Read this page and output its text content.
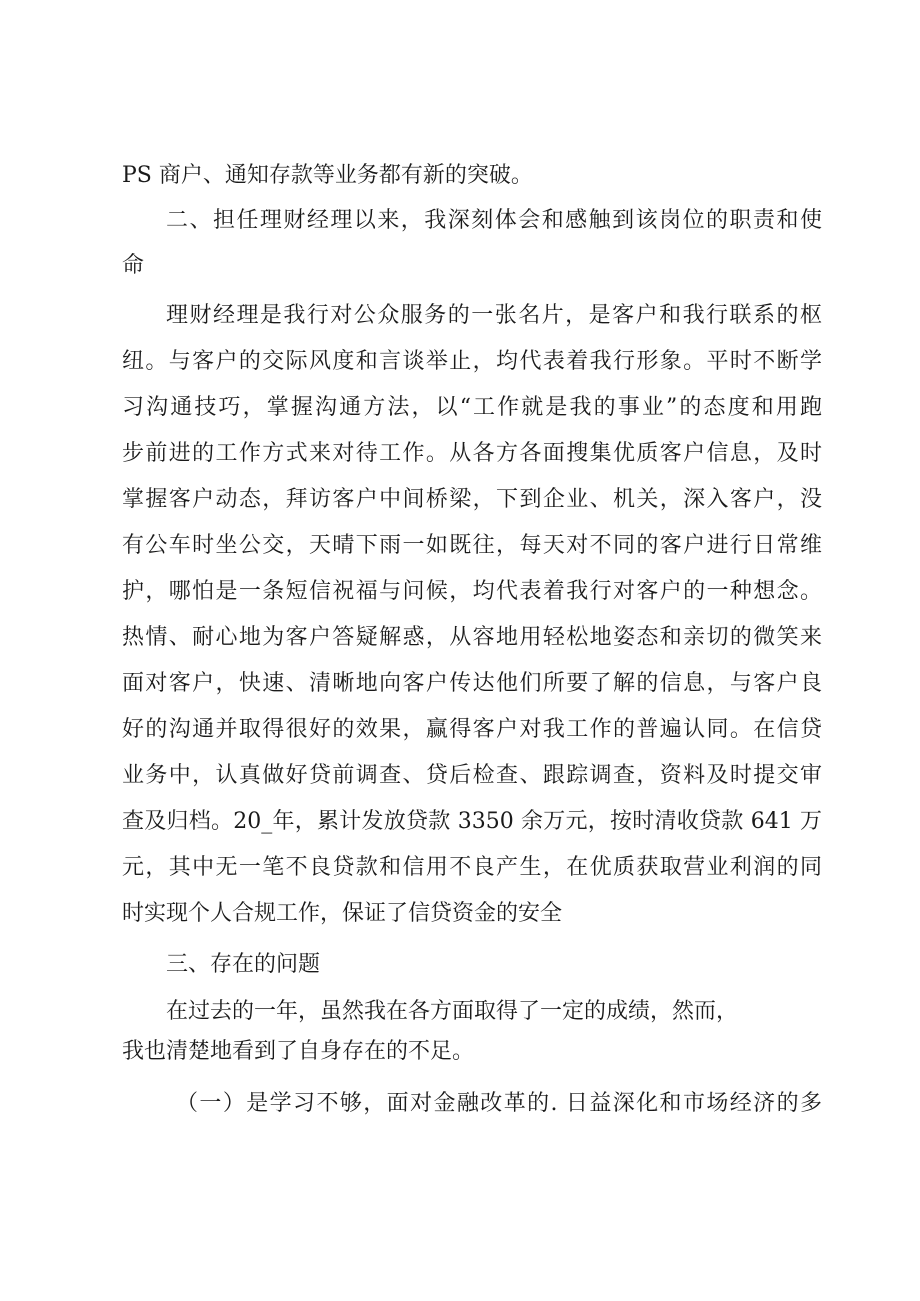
PS 商户、通知存款等业务都有新的突破。
二、担任理财经理以来，我深刻体会和感触到该岗位的职责和使
命
理财经理是我行对公众服务的一张名片，是客户和我行联系的枢
纽。与客户的交际风度和言谈举止，均代表着我行形象。平时不断学
习沟通技巧，掌握沟通方法，以“工作就是我的事业”的态度和用跑
步前进的工作方式来对待工作。从各方各面搜集优质客户信息，及时
掌握客户动态，拜访客户中间桥梁，下到企业、机关，深入客户，没
有公车时坐公交，天晴下雨一如既往，每天对不同的客户进行日常维
护，哪怕是一条短信祝福与问候，均代表着我行对客户的一种想念。
热情、耐心地为客户答疑解惑，从容地用轻松地姿态和亲切的微笑来
面对客户，快速、清晰地向客户传达他们所要了解的信息，与客户良
好的沟通并取得很好的效果，赢得客户对我工作的普遍认同。在信贷
业务中，认真做好贷前调查、贷后检查、跟踪调查，资料及时提交审
查及归档。20_年，累计发放贷款 3350 余万元，按时清收贷款 641 万
元，其中无一笔不良贷款和信用不良产生，在优质获取营业利润的同
时实现个人合规工作，保证了信贷资金的安全
三、存在的问题
在过去的一年，虽然我在各方面取得了一定的成绩，然而，
我也清楚地看到了自身存在的不足。
（一）是学习不够，面对金融改革的. 日益深化和市场经济的多
